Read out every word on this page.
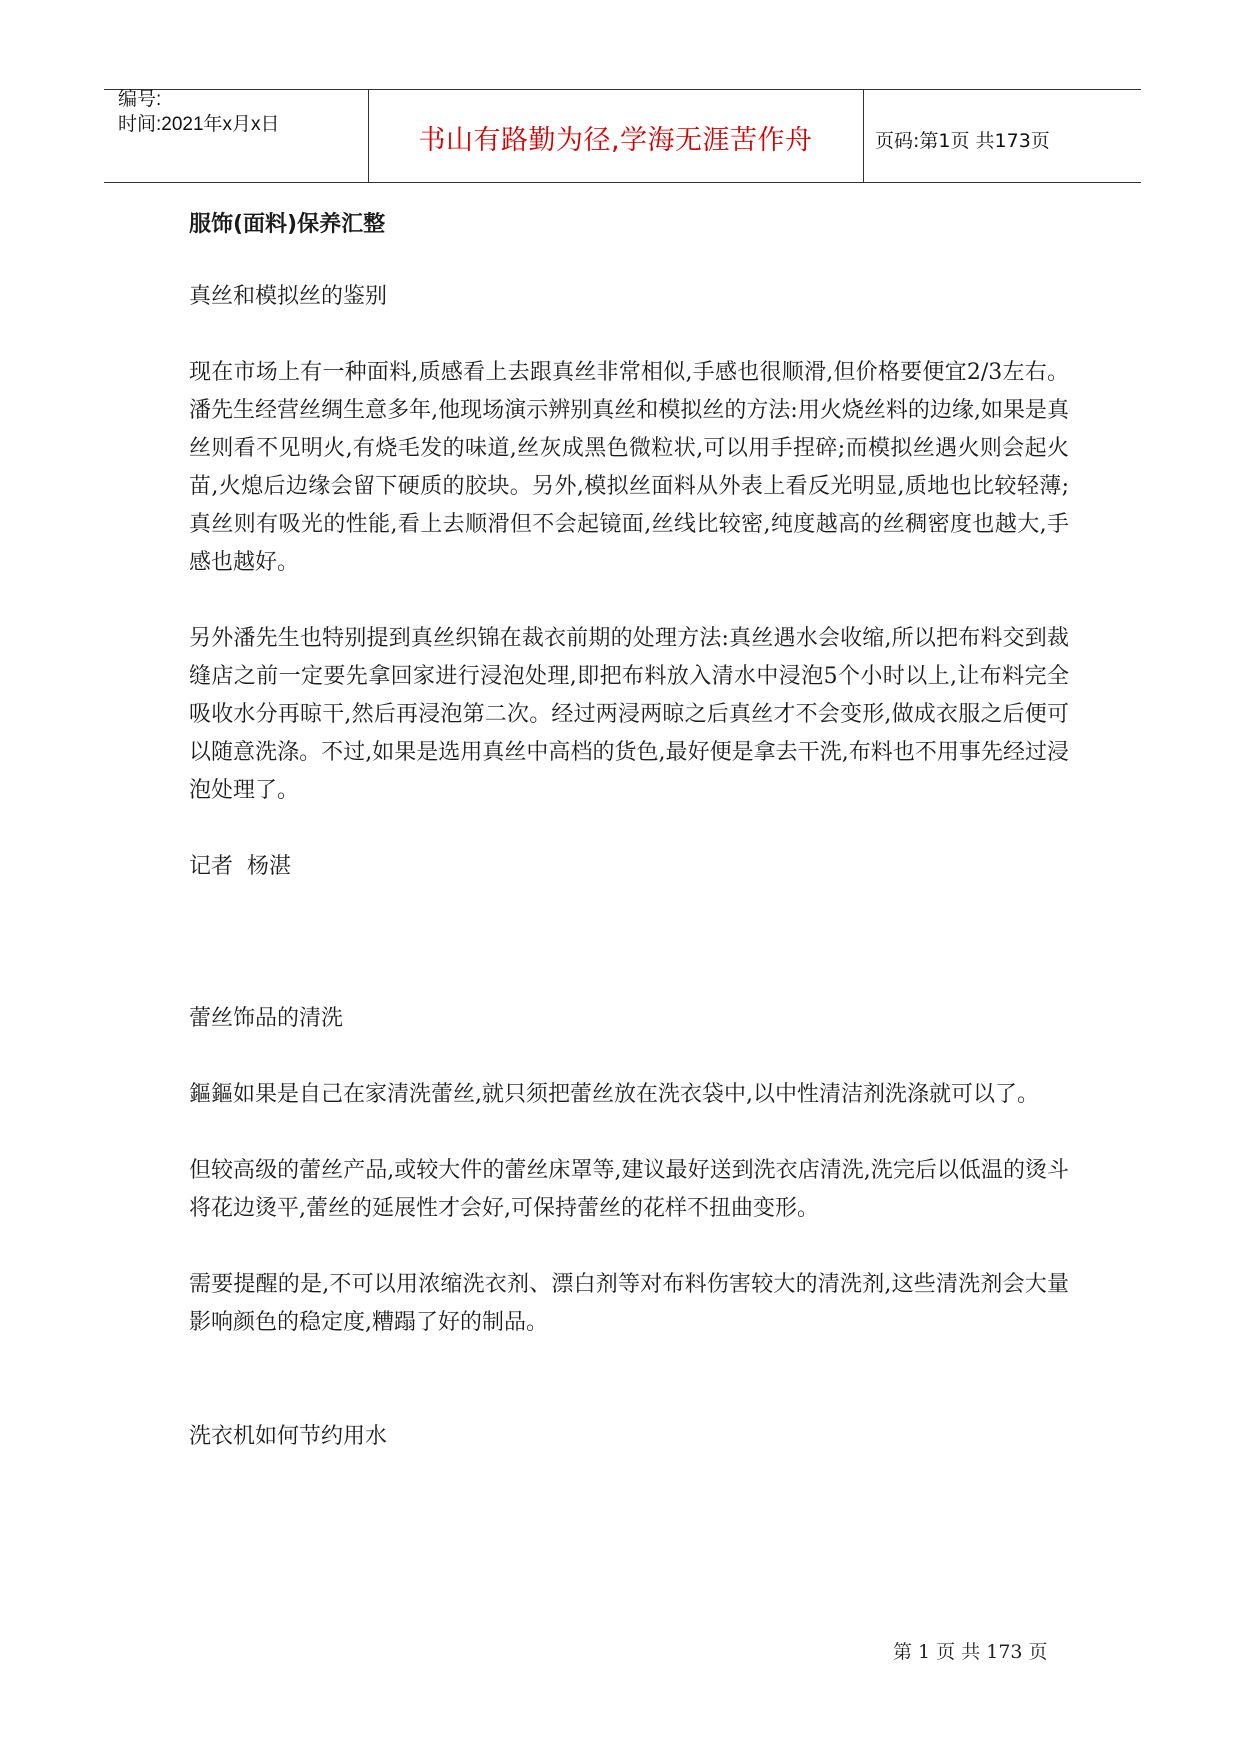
编号:
时间:2021年x月x日
书山有路勤为径,学海无涯苦作舟	页码:第1页 共173页
服饰(面料)保养汇整

真丝和模拟丝的鉴别

现在市场上有一种面料,质感看上去跟真丝非常相似,手感也很顺滑,但价格要便宜2/3左右。潘先生经营丝绸生意多年,他现场演示辨别真丝和模拟丝的方法:用火烧丝料的边缘,如果是真丝则看不见明火,有烧毛发的味道,丝灰成黑色微粒状,可以用手捏碎;而模拟丝遇火则会起火苗,火熄后边缘会留下硬质的胶块。另外,模拟丝面料从外表上看反光明显,质地也比较轻薄;真丝则有吸光的性能,看上去顺滑但不会起镜面,丝线比较密,纯度越高的丝稠密度也越大,手感也越好。

另外潘先生也特别提到真丝织锦在裁衣前期的处理方法:真丝遇水会收缩,所以把布料交到裁缝店之前一定要先拿回家进行浸泡处理,即把布料放入清水中浸泡5个小时以上,让布料完全吸收水分再晾干,然后再浸泡第二次。经过两浸两晾之后真丝才不会变形,做成衣服之后便可以随意洗涤。不过,如果是选用真丝中高档的货色,最好便是拿去干洗,布料也不用事先经过浸泡处理了。

记者  杨湛

蕾丝饰品的清洗

鏂鏂如果是自己在家清洗蕾丝,就只须把蕾丝放在洗衣袋中,以中性清洁剂洗涤就可以了。

但较高级的蕾丝产品,或较大件的蕾丝床罩等,建议最好送到洗衣店清洗,洗完后以低温的烫斗将花边烫平,蕾丝的延展性才会好,可保持蕾丝的花样不扭曲变形。

需要提醒的是,不可以用浓缩洗衣剂、漂白剂等对布料伤害较大的清洗剂,这些清洗剂会大量影响颜色的稳定度,糟蹋了好的制品。

洗衣机如何节约用水

第 1 页 共 173 页
